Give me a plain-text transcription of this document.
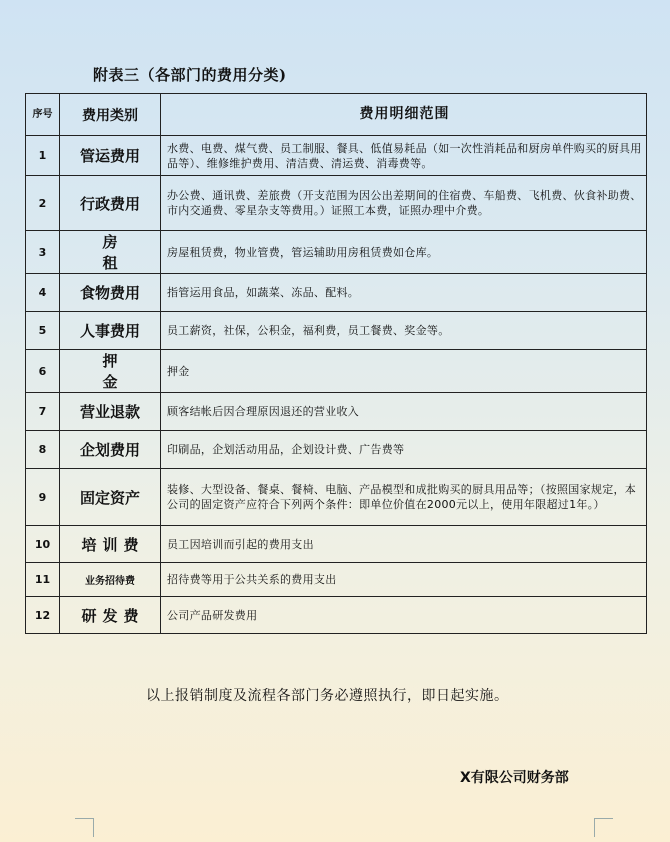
附表三（各部门的费用分类)
序号	费用类别	费用明细范围
1	管运费用	水费、电费、煤气费、员工制服、餐具、低值易耗品（如一次性消耗品和厨房单件购买的厨具用品等）、维修维护费用、清洁费、清运费、消毒费等。
2	行政费用	办公费、通讯费、差旅费（开支范围为因公出差期间的住宿费、车船费、飞机费、伙食补助费、市内交通费、零星杂支等费用。）证照工本费，证照办理中介费。
3	房租	房屋租赁费，物业管费，管运辅助用房租赁费如仓库。
4	食物费用	指管运用食品，如蔬菜、冻品、配料。
5	人事费用	员工薪资，社保，公积金，福利费，员工餐费、奖金等。
6	押金	押金
7	营业退款	顾客结帐后因合理原因退还的营业收入
8	企划费用	印刷品，企划活动用品，企划设计费、广告费等
9	固定资产	装修、大型设备、餐桌、餐椅、电脑、产品模型和成批购买的厨具用品等；（按照国家规定，本公司的固定资产应符合下列两个条件：即单位价值在2000元以上，使用年限超过1年。）
10	培训费	员工因培训而引起的费用支出
11	业务招待费	招待费等用于公共关系的费用支出
12	研发费	公司产品研发费用
以上报销制度及流程各部门务必遵照执行，即日起实施。
X有限公司财务部
